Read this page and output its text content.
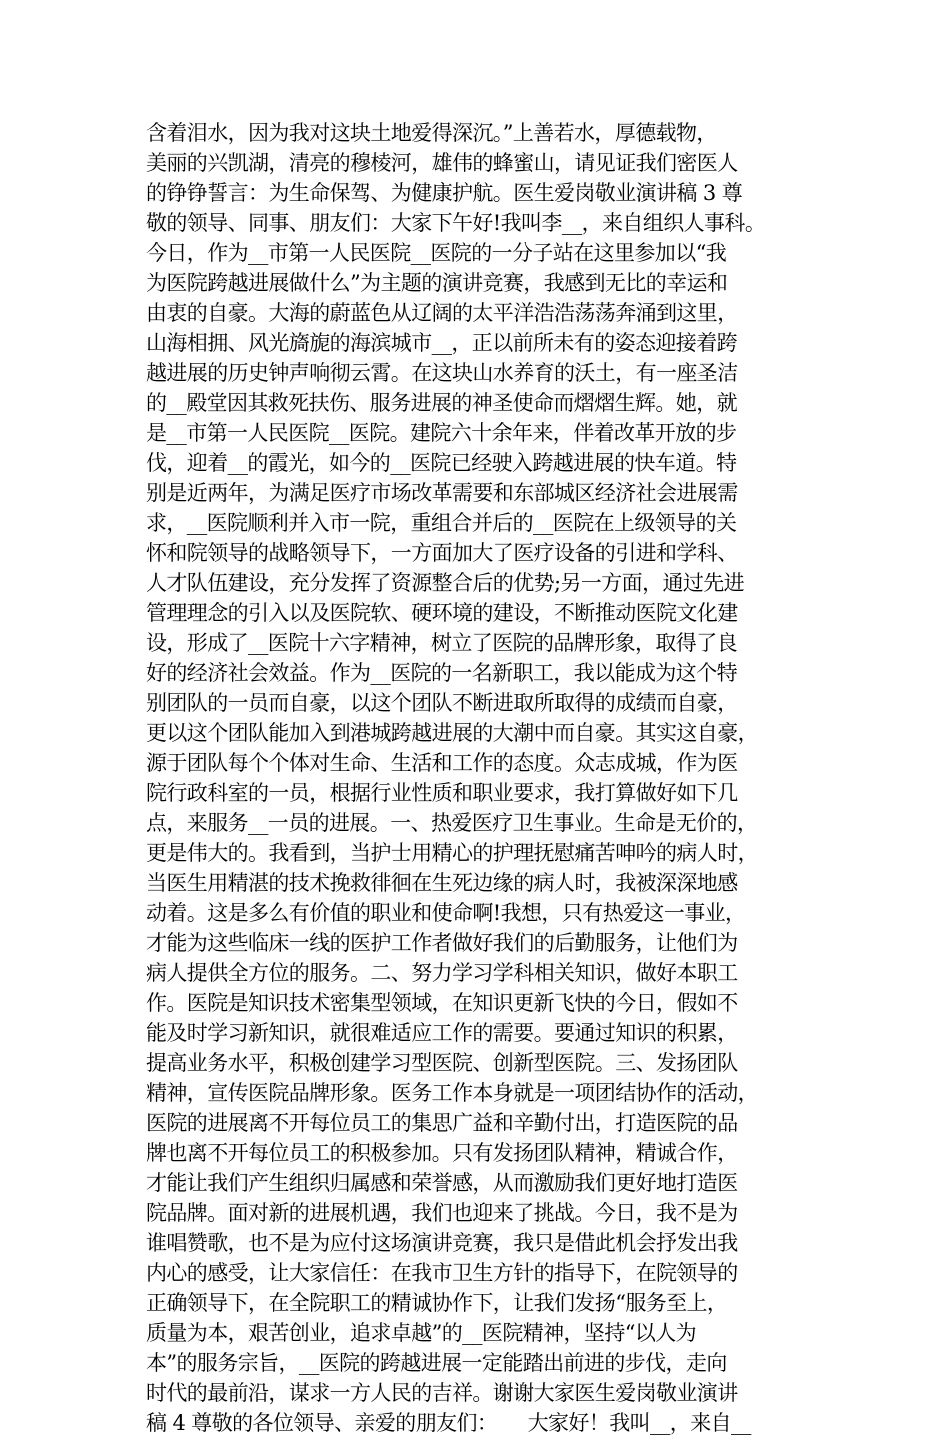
含着泪水，因为我对这块土地爱得深沉。”上善若水，厚德载物，
美丽的兴凯湖，清亮的穆棱河，雄伟的蜂蜜山，请见证我们密医人
的铮铮誓言：为生命保驾、为健康护航。医生爱岗敬业演讲稿 3 尊
敬的领导、同事、朋友们：大家下午好!我叫李__，来自组织人事科。
今日，作为__市第一人民医院__医院的一分子站在这里参加以“我
为医院跨越进展做什么”为主题的演讲竞赛，我感到无比的幸运和
由衷的自豪。大海的蔚蓝色从辽阔的太平洋浩浩荡荡奔涌到这里，
山海相拥、风光旖旎的海滨城市__，正以前所未有的姿态迎接着跨
越进展的历史钟声响彻云霄。在这块山水养育的沃土，有一座圣洁
的__殿堂因其救死扶伤、服务进展的神圣使命而熠熠生辉。她，就
是__市第一人民医院__医院。建院六十余年来，伴着改革开放的步
伐，迎着__的霞光，如今的__医院已经驶入跨越进展的快车道。特
别是近两年，为满足医疗市场改革需要和东部城区经济社会进展需
求，__医院顺利并入市一院，重组合并后的__医院在上级领导的关
怀和院领导的战略领导下，一方面加大了医疗设备的引进和学科、
人才队伍建设，充分发挥了资源整合后的优势;另一方面，通过先进
管理理念的引入以及医院软、硬环境的建设，不断推动医院文化建
设，形成了__医院十六字精神，树立了医院的品牌形象，取得了良
好的经济社会效益。作为__医院的一名新职工，我以能成为这个特
别团队的一员而自豪，以这个团队不断进取所取得的成绩而自豪，
更以这个团队能加入到港城跨越进展的大潮中而自豪。其实这自豪，
源于团队每个个体对生命、生活和工作的态度。众志成城，作为医
院行政科室的一员，根据行业性质和职业要求，我打算做好如下几
点，来服务__一员的进展。一、热爱医疗卫生事业。生命是无价的，
更是伟大的。我看到，当护士用精心的护理抚慰痛苦呻吟的病人时，
当医生用精湛的技术挽救徘徊在生死边缘的病人时，我被深深地感
动着。这是多么有价值的职业和使命啊!我想，只有热爱这一事业，
才能为这些临床一线的医护工作者做好我们的后勤服务，让他们为
病人提供全方位的服务。二、努力学习学科相关知识，做好本职工
作。医院是知识技术密集型领域，在知识更新飞快的今日，假如不
能及时学习新知识，就很难适应工作的需要。要通过知识的积累，
提高业务水平，积极创建学习型医院、创新型医院。三、发扬团队
精神，宣传医院品牌形象。医务工作本身就是一项团结协作的活动，
医院的进展离不开每位员工的集思广益和辛勤付出，打造医院的品
牌也离不开每位员工的积极参加。只有发扬团队精神，精诚合作，
才能让我们产生组织归属感和荣誉感，从而激励我们更好地打造医
院品牌。面对新的进展机遇，我们也迎来了挑战。今日，我不是为
谁唱赞歌，也不是为应付这场演讲竞赛，我只是借此机会抒发出我
内心的感受，让大家信任：在我市卫生方针的指导下，在院领导的
正确领导下，在全院职工的精诚协作下，让我们发扬“服务至上，
质量为本，艰苦创业，追求卓越”的__医院精神，坚持“以人为
本”的服务宗旨，__医院的跨越进展一定能踏出前进的步伐，走向
时代的最前沿，谋求一方人民的吉祥。谢谢大家医生爱岗敬业演讲
稿 4 尊敬的各位领导、亲爱的朋友们：　　大家好！我叫__，来自__
